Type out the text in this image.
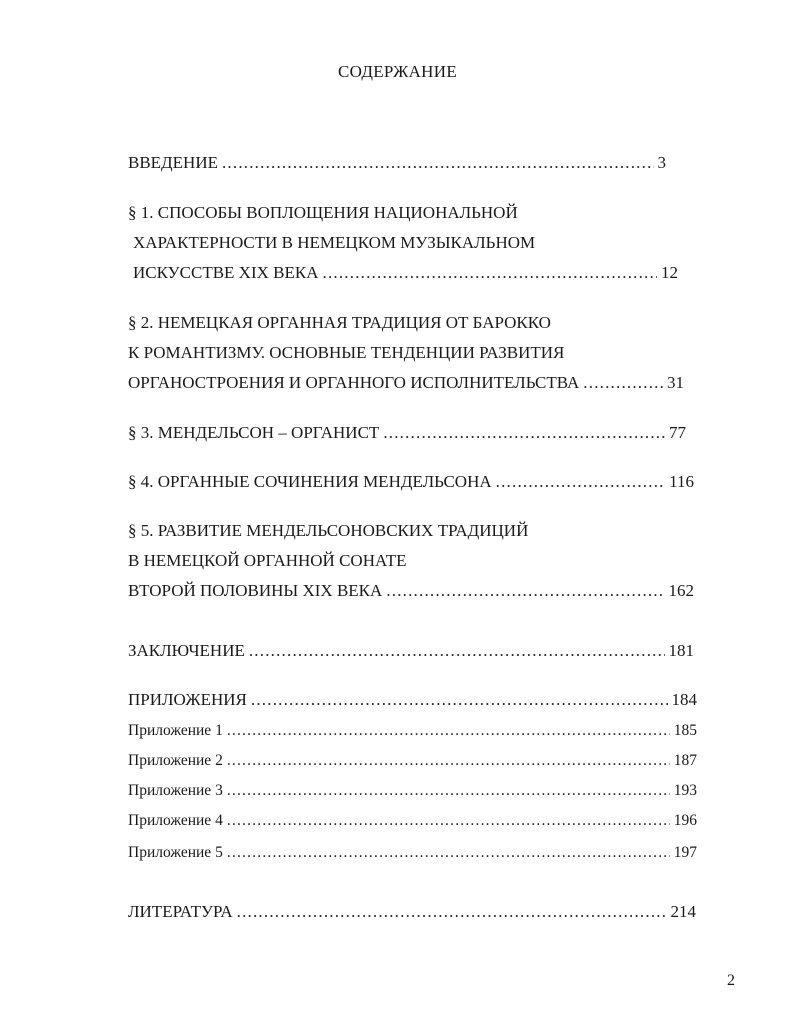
СОДЕРЖАНИЕ
ВВЕДЕНИЕ .....	3
§ 1. СПОСОБЫ ВОПЛОЩЕНИЯ НАЦИОНАЛЬНОЙ
ХАРАКТЕРНОСТИ В НЕМЕЦКОМ МУЗЫКАЛЬНОМ
ИСКУССТВЕ XIX ВЕКА .....	12
§ 2. НЕМЕЦКАЯ ОРГАННАЯ ТРАДИЦИЯ ОТ БАРОККО
К РОМАНТИЗМУ. ОСНОВНЫЕ ТЕНДЕНЦИИ РАЗВИТИЯ
ОРГАНОСТРОЕНИЯ И ОРГАННОГО ИСПОЛНИТЕЛЬСТВА .....	31
§ 3. МЕНДЕЛЬСОН – ОРГАНИСТ .....	77
§ 4. ОРГАННЫЕ СОЧИНЕНИЯ МЕНДЕЛЬСОНА .....	116
§ 5. РАЗВИТИЕ МЕНДЕЛЬСОНОВСКИХ ТРАДИЦИЙ
В НЕМЕЦКОЙ ОРГАННОЙ СОНАТЕ
ВТОРОЙ ПОЛОВИНЫ XIX ВЕКА .....	162
ЗАКЛЮЧЕНИЕ .....	181
ПРИЛОЖЕНИЯ .....	184
Приложение 1 .....	185
Приложение 2 .....	187
Приложение 3 .....	193
Приложение 4 .....	196
Приложение 5 .....	197
ЛИТЕРАТУРА .....	214
2
